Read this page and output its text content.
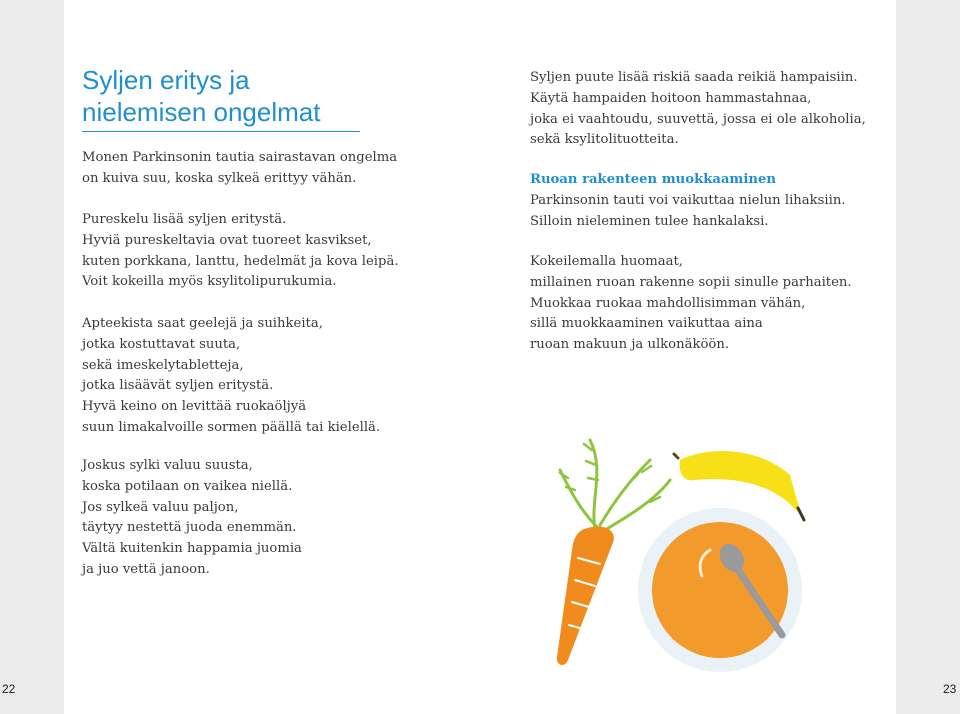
22	23
Syljen eritys ja
nielemisen ongelmat

Monen Parkinsonin tautia sairastavan ongelma
on kuiva suu, koska sylkeä erittyy vähän.

Pureskelu lisää syljen eritystä.
Hyviä pureskeltavia ovat tuoreet kasvikset,
kuten porkkana, lanttu, hedelmät ja kova leipä.
Voit kokeilla myös ksylitolipurukumia.

Apteekista saat geelejä ja suihkeita,
jotka kostuttavat suuta,
sekä imeskelytabletteja,
jotka lisäävät syljen eritystä.
Hyvä keino on levittää ruokaöljyä
suun limakalvoille sormen päällä tai kielellä.

Joskus sylki valuu suusta,
koska potilaan on vaikea niellä.
Jos sylkeä valuu paljon,
täytyy nestettä juoda enemmän.
Vältä kuitenkin happamia juomia
ja juo vettä janoon.

Syljen puute lisää riskiä saada reikiä hampaisiin.
Käytä hampaiden hoitoon hammastahnaa,
joka ei vaahtoudu, suuvettä, jossa ei ole alkoholia,
sekä ksylitolituotteita.

Ruoan rakenteen muokkaaminen

Parkinsonin tauti voi vaikuttaa nielun lihaksiin.
Silloin nieleminen tulee hankalaksi.

Kokeilemalla huomaat,
millainen ruoan rakenne sopii sinulle parhaiten.
Muokkaa ruokaa mahdollisimman vähän,
sillä muokkaaminen vaikuttaa aina
ruoan makuun ja ulkonäköön.
